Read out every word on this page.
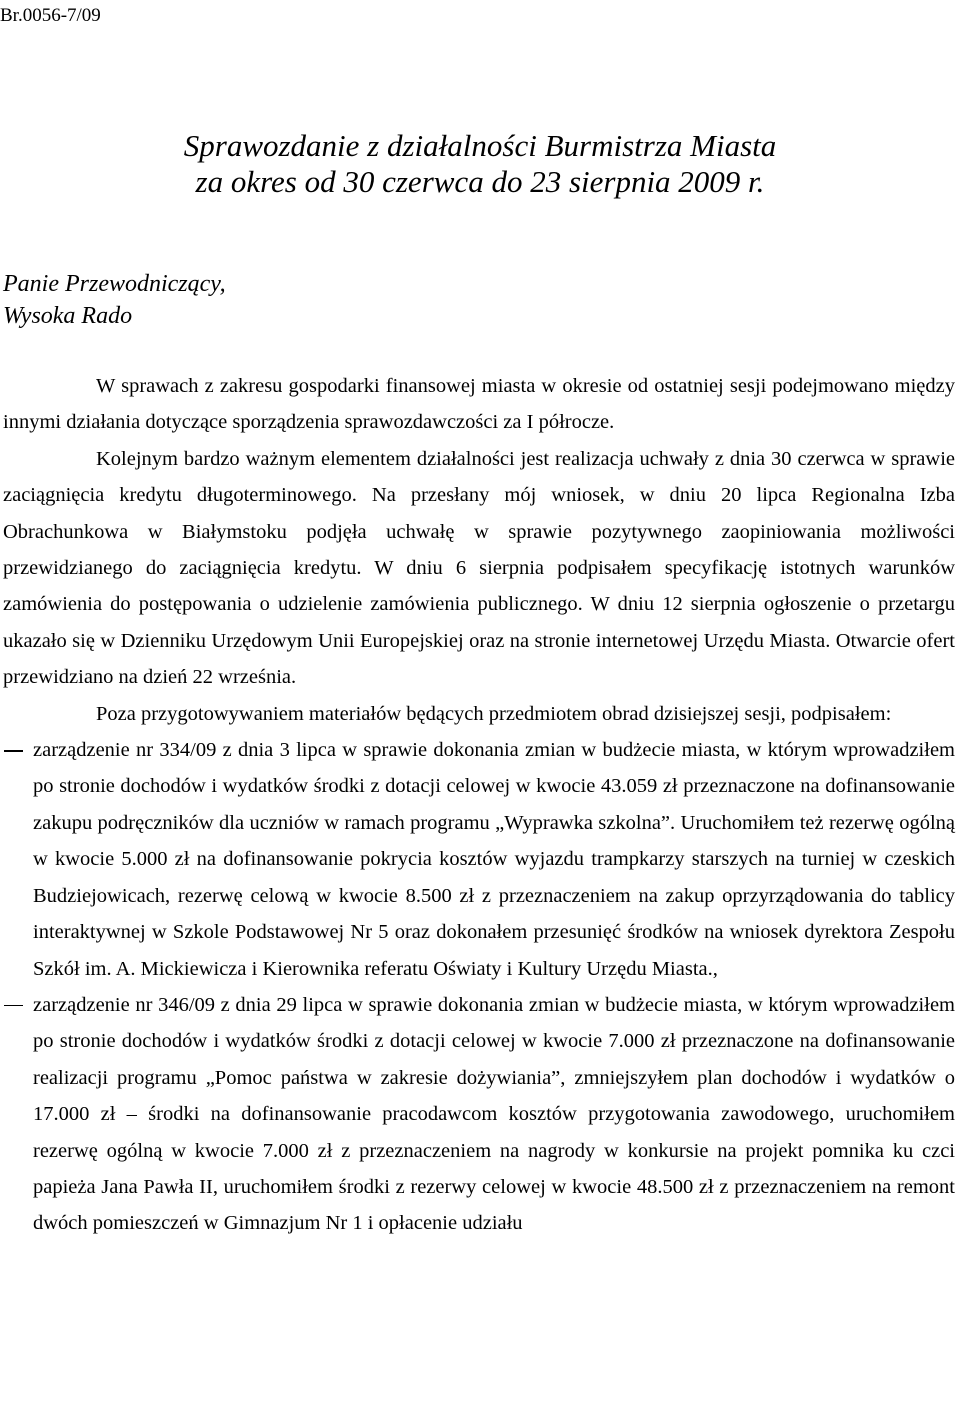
Br.0056-7/09
Sprawozdanie z działalności Burmistrza Miasta
za okres od 30 czerwca do 23 sierpnia 2009 r.
Panie Przewodniczący,
Wysoka Rado

W sprawach z zakresu gospodarki finansowej miasta w okresie od ostatniej sesji podejmowano między innymi działania dotyczące sporządzenia sprawozdawczości za I półrocze.

Kolejnym bardzo ważnym elementem działalności jest realizacja uchwały z dnia 30 czerwca w sprawie zaciągnięcia kredytu długoterminowego. Na przesłany mój wniosek, w dniu 20 lipca Regionalna Izba Obrachunkowa w Białymstoku podjęła uchwałę w sprawie pozytywnego zaopiniowania możliwości przewidzianego do zaciągnięcia kredytu. W dniu 6 sierpnia podpisałem specyfikację istotnych warunków zamówienia do postępowania o udzielenie zamówienia publicznego. W dniu 12 sierpnia ogłoszenie o przetargu ukazało się w Dzienniku Urzędowym Unii Europejskiej oraz na stronie internetowej Urzędu Miasta. Otwarcie ofert przewidziano na dzień 22 września.

Poza przygotowywaniem materiałów będących przedmiotem obrad dzisiejszej sesji, podpisałem:

zarządzenie nr 334/09 z dnia 3 lipca w sprawie dokonania zmian w budżecie miasta, w którym wprowadziłem po stronie dochodów i wydatków środki z dotacji celowej w kwocie 43.059 zł przeznaczone na dofinansowanie zakupu podręczników dla uczniów w ramach programu „Wyprawka szkolna”. Uruchomiłem też rezerwę ogólną w kwocie 5.000 zł na dofinansowanie pokrycia kosztów wyjazdu trampkarzy starszych na turniej w czeskich Budziejowicach, rezerwę celową w kwocie 8.500 zł z przeznaczeniem na zakup oprzyrządowania do tablicy interaktywnej w Szkole Podstawowej Nr 5 oraz dokonałem przesunięć środków na wniosek dyrektora Zespołu Szkół im. A. Mickiewicza i Kierownika referatu Oświaty i Kultury Urzędu Miasta.,
zarządzenie nr 346/09 z dnia 29 lipca w sprawie dokonania zmian w budżecie miasta, w którym wprowadziłem po stronie dochodów i wydatków środki z dotacji celowej w kwocie 7.000 zł przeznaczone na dofinansowanie realizacji programu „Pomoc państwa w zakresie dożywiania”, zmniejszyłem plan dochodów i wydatków o 17.000 zł – środki na dofinansowanie pracodawcom kosztów przygotowania zawodowego, uruchomiłem rezerwę ogólną w kwocie 7.000 zł z przeznaczeniem na nagrody w konkursie na projekt pomnika ku czci papieża Jana Pawła II, uruchomiłem środki z rezerwy celowej w kwocie 48.500 zł z przeznaczeniem na remont dwóch pomieszczeń w Gimnazjum Nr 1 i opłacenie udziału
